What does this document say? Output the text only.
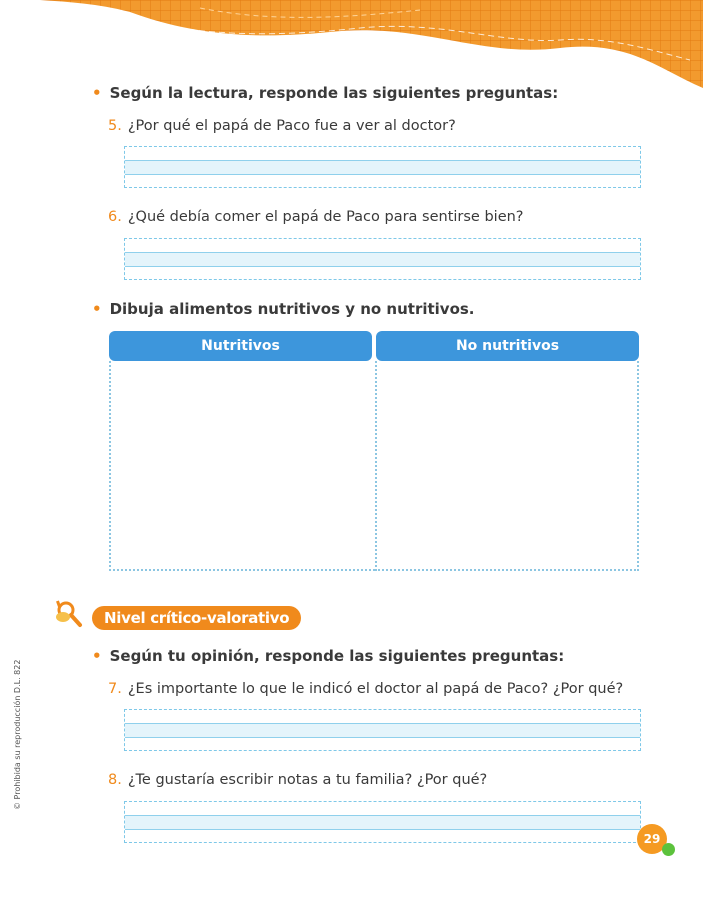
• Según la lectura, responde las siguientes preguntas:
5. ¿Por qué el papá de Paco fue a ver al doctor?
6. ¿Qué debía comer el papá de Paco para sentirse bien?
• Dibuja alimentos nutritivos y no nutritivos.
Nutritivos	No nutritivos
Nivel crítico-valorativo
• Según tu opinión, responde las siguientes preguntas:
7. ¿Es importante lo que le indicó el doctor al papá de Paco? ¿Por qué?
8. ¿Te gustaría escribir notas a tu familia? ¿Por qué?
© Prohibida su reproducción D.L. 822
29
